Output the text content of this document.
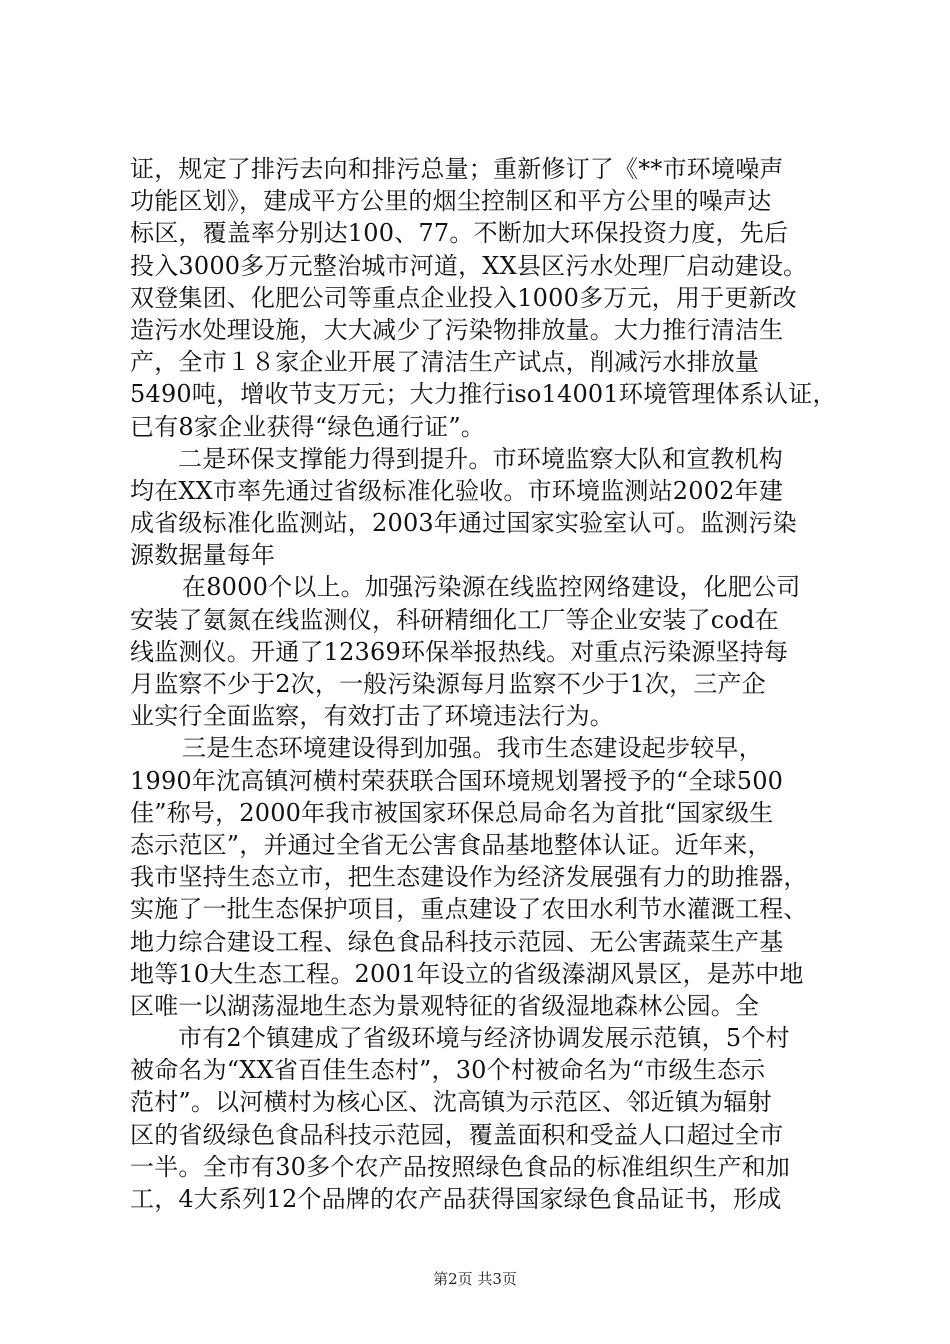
证，规定了排污去向和排污总量；重新修订了《**市环境噪声
功能区划》，建成平方公里的烟尘控制区和平方公里的噪声达
标区，覆盖率分别达100、77。不断加大环保投资力度，先后
投入3000多万元整治城市河道，XX县区污水处理厂启动建设。
双登集团、化肥公司等重点企业投入1000多万元，用于更新改
造污水处理设施，大大减少了污染物排放量。大力推行清洁生
产，全市１８家企业开展了清洁生产试点，削减污水排放量
5490吨，增收节支万元；大力推行iso14001环境管理体系认证，
已有8家企业获得“绿色通行证”。
二是环保支撑能力得到提升。市环境监察大队和宣教机构
均在XX市率先通过省级标准化验收。市环境监测站2002年建
成省级标准化监测站，2003年通过国家实验室认可。监测污染
源数据量每年
在8000个以上。加强污染源在线监控网络建设，化肥公司
安装了氨氮在线监测仪，科研精细化工厂等企业安装了cod在
线监测仪。开通了12369环保举报热线。对重点污染源坚持每
月监察不少于2次，一般污染源每月监察不少于1次，三产企
业实行全面监察，有效打击了环境违法行为。
三是生态环境建设得到加强。我市生态建设起步较早，
1990年沈高镇河横村荣获联合国环境规划署授予的“全球500
佳”称号，2000年我市被国家环保总局命名为首批“国家级生
态示范区”，并通过全省无公害食品基地整体认证。近年来，
我市坚持生态立市，把生态建设作为经济发展强有力的助推器，
实施了一批生态保护项目，重点建设了农田水利节水灌溉工程、
地力综合建设工程、绿色食品科技示范园、无公害蔬菜生产基
地等10大生态工程。2001年设立的省级溱湖风景区，是苏中地
区唯一以湖荡湿地生态为景观特征的省级湿地森林公园。全
市有2个镇建成了省级环境与经济协调发展示范镇，5个村
被命名为“XX省百佳生态村”，30个村被命名为“市级生态示
范村”。以河横村为核心区、沈高镇为示范区、邻近镇为辐射
区的省级绿色食品科技示范园，覆盖面积和受益人口超过全市
一半。全市有30多个农产品按照绿色食品的标准组织生产和加
工，4大系列12个品牌的农产品获得国家绿色食品证书，形成
第2页 共3页
